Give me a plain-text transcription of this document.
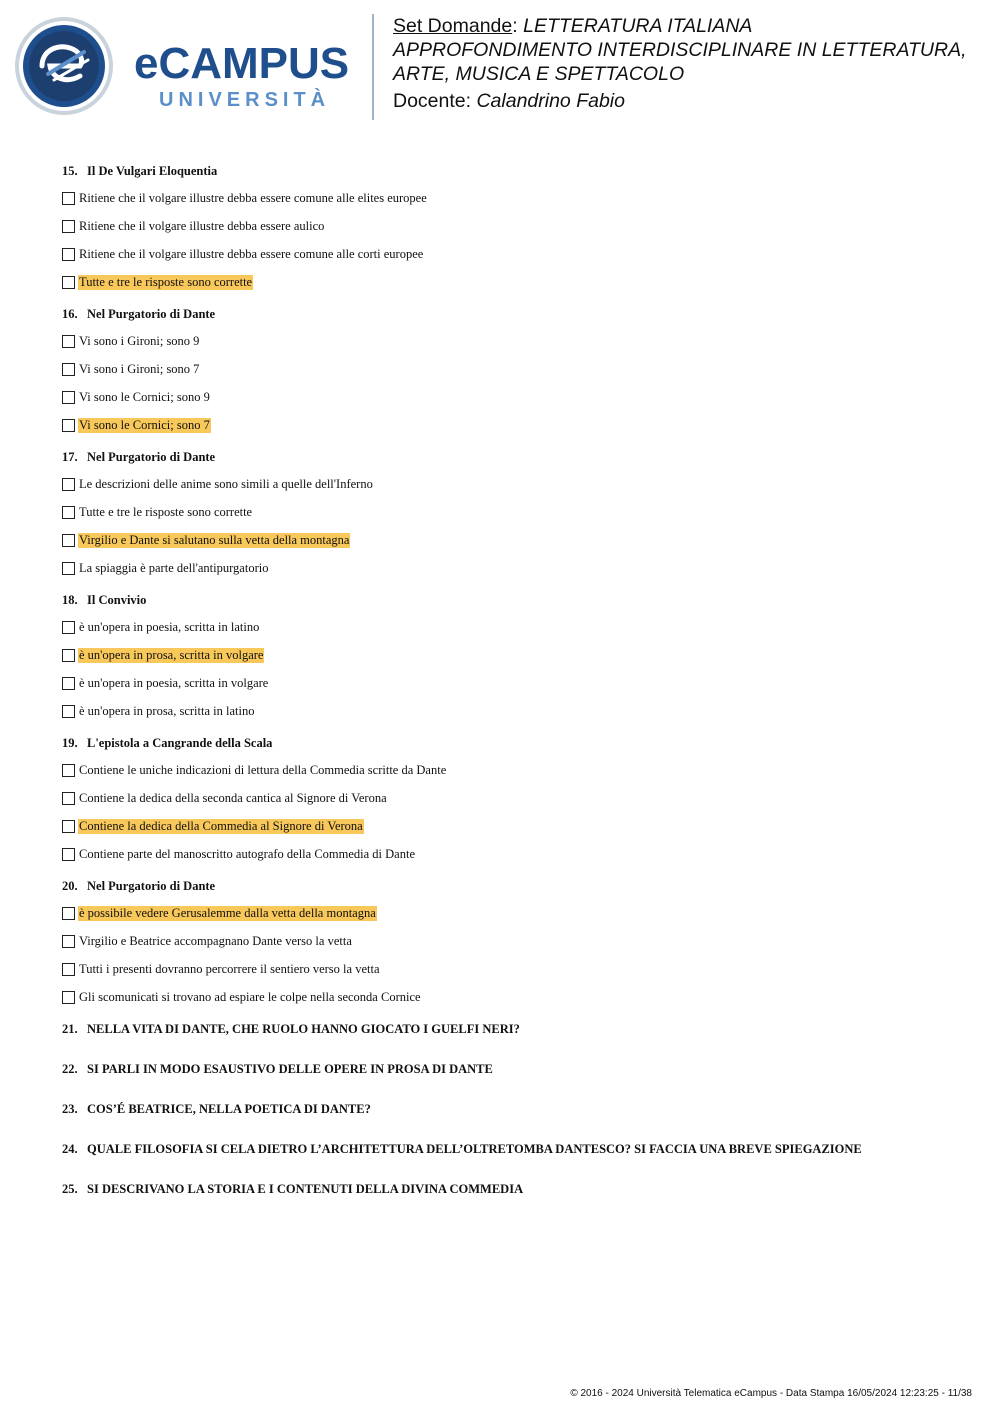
eCAMPUS
UNIVERSITÀ
Set Domande: LETTERATURA ITALIANA
APPROFONDIMENTO INTERDISCIPLINARE IN LETTERATURA,
ARTE, MUSICA E SPETTACOLO
Docente: Calandrino Fabio
15. Il De Vulgari Eloquentia
Ritiene che il volgare illustre debba essere comune alle elites europee
Ritiene che il volgare illustre debba essere aulico
Ritiene che il volgare illustre debba essere comune alle corti europee
Tutte e tre le risposte sono corrette
16. Nel Purgatorio di Dante
Vi sono i Gironi; sono 9
Vi sono i Gironi; sono 7
Vi sono le Cornici; sono 9
Vi sono le Cornici; sono 7
17. Nel Purgatorio di Dante
Le descrizioni delle anime sono simili a quelle dell'Inferno
Tutte e tre le risposte sono corrette
Virgilio e Dante si salutano sulla vetta della montagna
La spiaggia è parte dell'antipurgatorio
18. Il Convivio
è un'opera in poesia, scritta in latino
è un'opera in prosa, scritta in volgare
è un'opera in poesia, scritta in volgare
è un'opera in prosa, scritta in latino
19. L'epistola a Cangrande della Scala
Contiene le uniche indicazioni di lettura della Commedia scritte da Dante
Contiene la dedica della seconda cantica al Signore di Verona
Contiene la dedica della Commedia al Signore di Verona
Contiene parte del manoscritto autografo della Commedia di Dante
20. Nel Purgatorio di Dante
è possibile vedere Gerusalemme dalla vetta della montagna
Virgilio e Beatrice accompagnano Dante verso la vetta
Tutti i presenti dovranno percorrere il sentiero verso la vetta
Gli scomunicati si trovano ad espiare le colpe nella seconda Cornice
21. NELLA VITA DI DANTE, CHE RUOLO HANNO GIOCATO I GUELFI NERI?
22. SI PARLI IN MODO ESAUSTIVO DELLE OPERE IN PROSA DI DANTE
23. COS’É BEATRICE, NELLA POETICA DI DANTE?
24. QUALE FILOSOFIA SI CELA DIETRO L’ARCHITETTURA DELL’OLTRETOMBA DANTESCO? SI FACCIA UNA BREVE SPIEGAZIONE
25. SI DESCRIVANO LA STORIA E I CONTENUTI DELLA DIVINA COMMEDIA
© 2016 - 2024 Università Telematica eCampus - Data Stampa 16/05/2024 12:23:25 - 11/38
